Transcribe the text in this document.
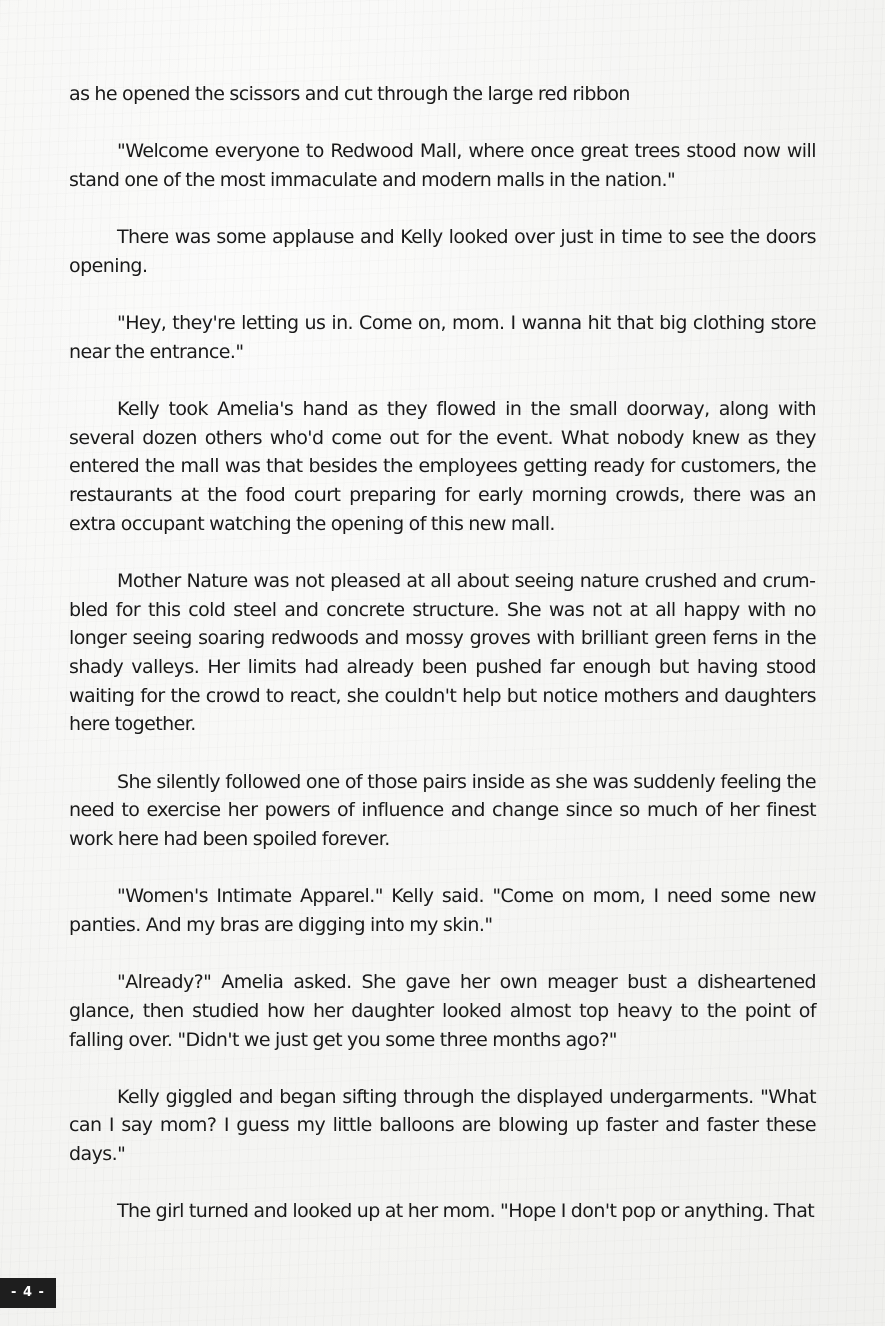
as he opened the scissors and cut through the large red ribbon

"Welcome everyone to Redwood Mall, where once great trees stood now will stand one of the most immaculate and modern malls in the nation."

There was some applause and Kelly looked over just in time to see the doors opening.

"Hey, they're letting us in. Come on, mom. I wanna hit that big clothing store near the entrance."

Kelly took Amelia's hand as they flowed in the small doorway, along with several dozen others who'd come out for the event. What nobody knew as they entered the mall was that besides the employees getting ready for customers, the restaurants at the food court preparing for early morning crowds, there was an extra occupant watching the opening of this new mall.

Mother Nature was not pleased at all about seeing nature crushed and crumbled for this cold steel and concrete structure. She was not at all happy with no longer seeing soaring redwoods and mossy groves with brilliant green ferns in the shady valleys. Her limits had already been pushed far enough but having stood waiting for the crowd to react, she couldn't help but notice mothers and daughters here together.

She silently followed one of those pairs inside as she was suddenly feeling the need to exercise her powers of influence and change since so much of her finest work here had been spoiled forever.

"Women's Intimate Apparel." Kelly said. "Come on mom, I need some new panties. And my bras are digging into my skin."

"Already?" Amelia asked. She gave her own meager bust a disheartened glance, then studied how her daughter looked almost top heavy to the point of falling over. "Didn't we just get you some three months ago?"

Kelly giggled and began sifting through the displayed undergarments. "What can I say mom? I guess my little balloons are blowing up faster and faster these days."

The girl turned and looked up at her mom. "Hope I don't pop or anything. That

- 4 -
